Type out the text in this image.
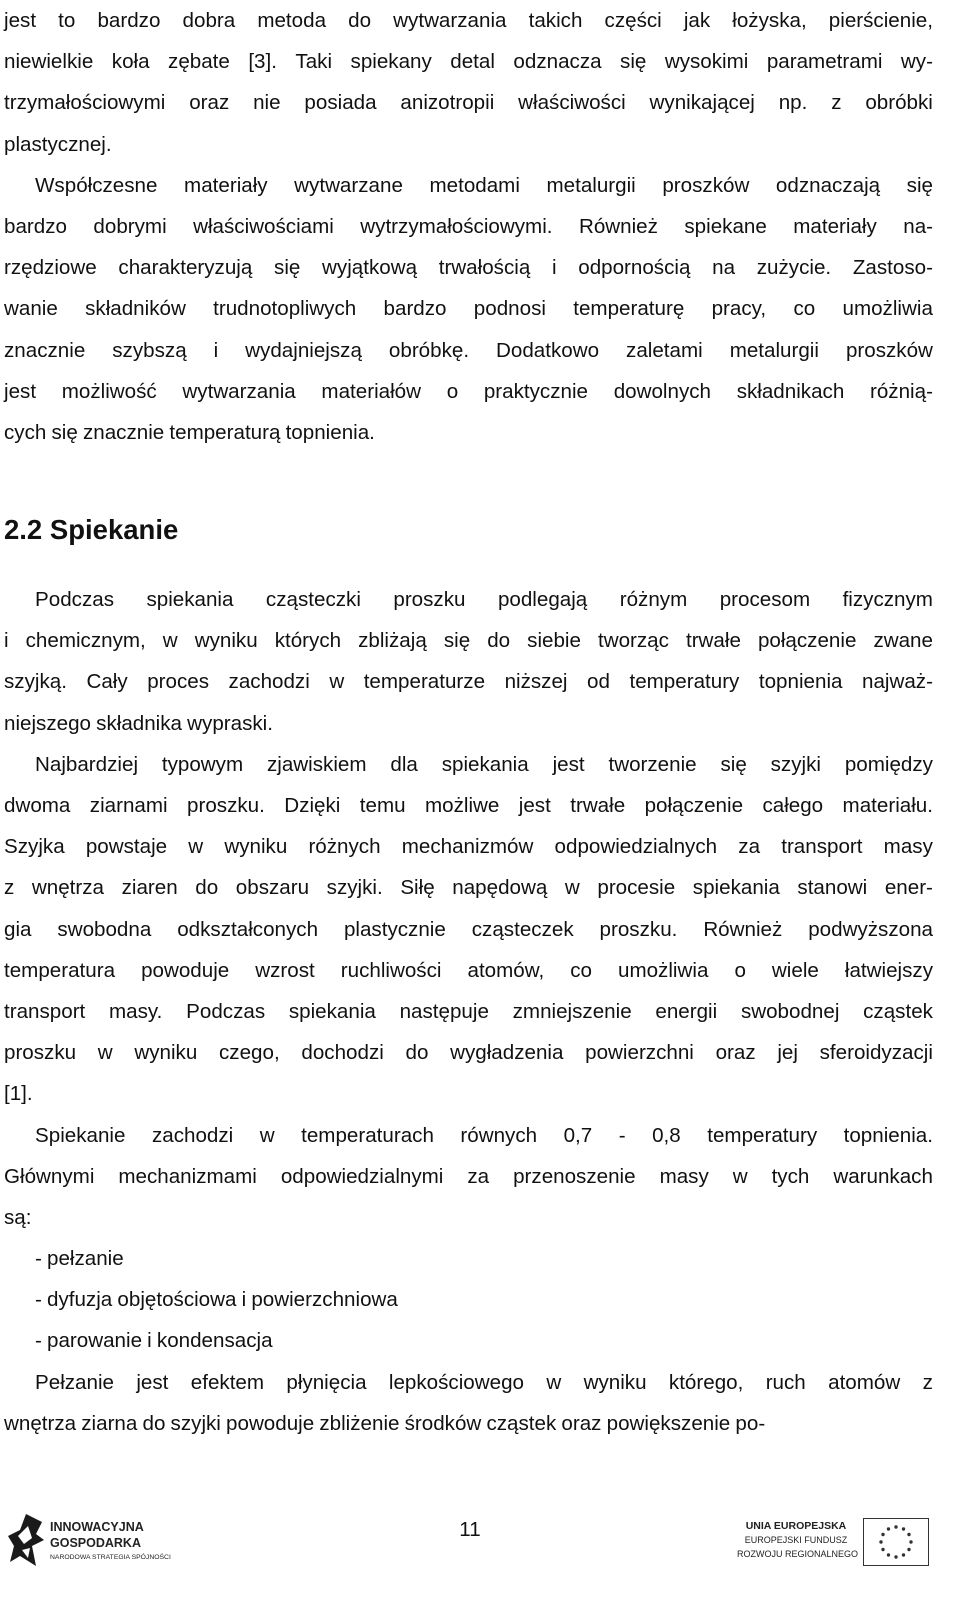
jest to bardzo dobra metoda do wytwarzania takich części jak łożyska, pierścienie,
niewielkie koła zębate [3]. Taki spiekany detal odznacza się wysokimi parametrami wy-
trzymałościowymi oraz nie posiada anizotropii właściwości wynikającej np. z obróbki
plastycznej.
Współczesne materiały wytwarzane metodami metalurgii proszków odznaczają się
bardzo dobrymi właściwościami wytrzymałościowymi. Również spiekane materiały na-
rzędziowe charakteryzują się wyjątkową trwałością i odpornością na zużycie. Zastoso-
wanie składników trudnotopliwych bardzo podnosi temperaturę pracy, co umożliwia
znacznie szybszą i wydajniejszą obróbkę. Dodatkowo zaletami metalurgii proszków
jest możliwość wytwarzania materiałów o praktycznie dowolnych składnikach różnią-
cych się znacznie temperaturą topnienia.
2.2 Spiekanie
Podczas spiekania cząsteczki proszku podlegają różnym procesom fizycznym
i chemicznym, w wyniku których zbliżają się do siebie tworząc trwałe połączenie zwane
szyjką. Cały proces zachodzi w temperaturze niższej od temperatury topnienia najważ-
niejszego składnika wypraski.
Najbardziej typowym zjawiskiem dla spiekania jest tworzenie się szyjki pomiędzy
dwoma ziarnami proszku. Dzięki temu możliwe jest trwałe połączenie całego materiału.
Szyjka powstaje w wyniku różnych mechanizmów odpowiedzialnych za transport masy
z wnętrza ziaren do obszaru szyjki. Siłę napędową w procesie spiekania stanowi ener-
gia swobodna odkształconych plastycznie cząsteczek proszku. Również podwyższona
temperatura powoduje wzrost ruchliwości atomów, co umożliwia o wiele łatwiejszy
transport masy. Podczas spiekania następuje zmniejszenie energii swobodnej cząstek
proszku w wyniku czego, dochodzi do wygładzenia powierzchni oraz jej sferoidyzacji
[1].
Spiekanie zachodzi w temperaturach równych 0,7 - 0,8 temperatury topnienia.
Głównymi mechanizmami odpowiedzialnymi za przenoszenie masy w tych warunkach
są:
- pełzanie
- dyfuzja objętościowa i powierzchniowa
- parowanie i kondensacja
Pełzanie jest efektem płynięcia lepkościowego w wyniku którego, ruch atomów z
wnętrza ziarna do szyjki powoduje zbliżenie środków cząstek oraz powiększenie po-
INNOWACYJNA
GOSPODARKA
NARODOWA STRATEGIA SPÓJNOŚCI
11	UNIA EUROPEJSKA
EUROPEJSKI FUNDUSZ
ROZWOJU REGIONALNEGO
